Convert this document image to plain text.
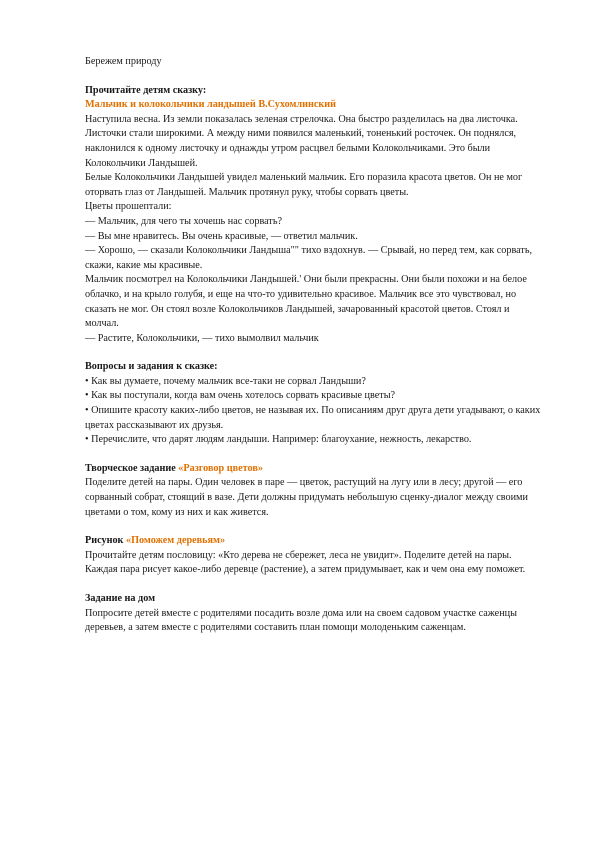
Бережем природу

Прочитайте детям сказку:

Мальчик и колокольчики ландышей В.Сухомлинский

Наступила весна. Из земли показалась зеленая стрелочка. Она быстро разделилась на два листочка. Листочки стали широкими. А между ними появился маленький, тоненький росточек. Он поднялся, наклонился к одному листочку и однажды утром расцвел белыми Колокольчиками. Это были Колокольчики Ландышей.

Белые Колокольчики Ландышей увидел маленький мальчик. Его поразила красота цветов. Он не мог оторвать глаз от Ландышей. Мальчик протянул руку, чтобы сорвать цветы.

Цветы прошептали:

— Мальчик, для чего ты хочешь нас сорвать?

— Вы мне нравитесь. Вы очень красивые, — ответил мальчик.

— Хорошо, — сказали Колокольчики Ландыша"" тихо вздохнув. — Срывай, но перед тем, как сорвать, скажи, какие мы красивые.

Мальчик посмотрел на Колокольчики Ландышей.' Они были прекрасны. Они были похожи и на белое облачко, и на крыло голубя, и еще на что-то удивительно красивое. Мальчик все это чувствовал, но сказать не мог. Он стоял возле Колокольчиков Ландышей, зачарованный красотой цветов. Стоял и молчал.

— Растите, Колокольчики, — тихо вымолвил мальчик

Вопросы и задания к сказке:

• Как вы думаете, почему мальчик все-таки не сорвал Ландыши?

• Как вы поступали, когда вам очень хотелось сорвать красивые цветы?

• Опишите красоту каких-либо цветов, не называя их. По описаниям друг друга дети угадывают, о каких цветах рассказывают их друзья.

• Перечислите, что дарят людям ландыши. Например: благоухание, нежность, лекарство.

Творческое задание «Разговор цветов»

Поделите детей на пары. Один человек в паре — цветок, растущий на лугу или в лесу; другой — его сорванный собрат, стоящий в вазе. Дети должны придумать небольшую сценку-диалог между своими цветами о том, кому из них и как живется.

Рисунок «Поможем деревьям»

Прочитайте детям пословицу: «Кто дерева не сбережет, леса не увидит». Поделите детей на пары. Каждая пара рисует какое-либо деревце (растение), а затем придумывает, как и чем она ему поможет.

Задание на дом

Попросите детей вместе с родителями посадить возле дома или на своем садовом участке саженцы деревьев, а затем вместе с родителями составить план помощи молоденьким саженцам.
